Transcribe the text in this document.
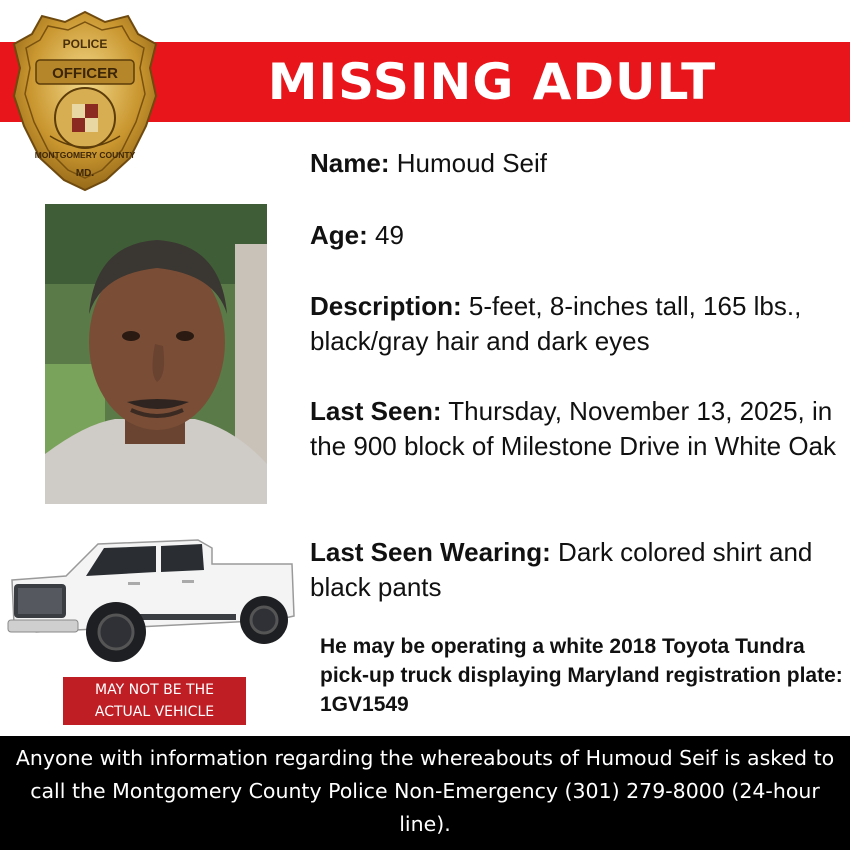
MISSING ADULT
POLICE
OFFICER
MONTGOMERY COUNTY
MD.
MAY NOT BE THE
ACTUAL VEHICLE
Name: Humoud Seif
Age: 49
Description: 5-feet, 8-inches tall, 165 lbs., black/gray hair and dark eyes
Last Seen: Thursday, November 13, 2025, in the 900 block of Milestone Drive in White Oak
Last Seen Wearing: Dark colored shirt and black pants
He may be operating a white 2018 Toyota Tundra pick-up truck displaying Maryland registration plate: 1GV1549
Anyone with information regarding the whereabouts of Humoud Seif is asked to call the Montgomery County Police Non-Emergency (301) 279-8000 (24-hour line).
